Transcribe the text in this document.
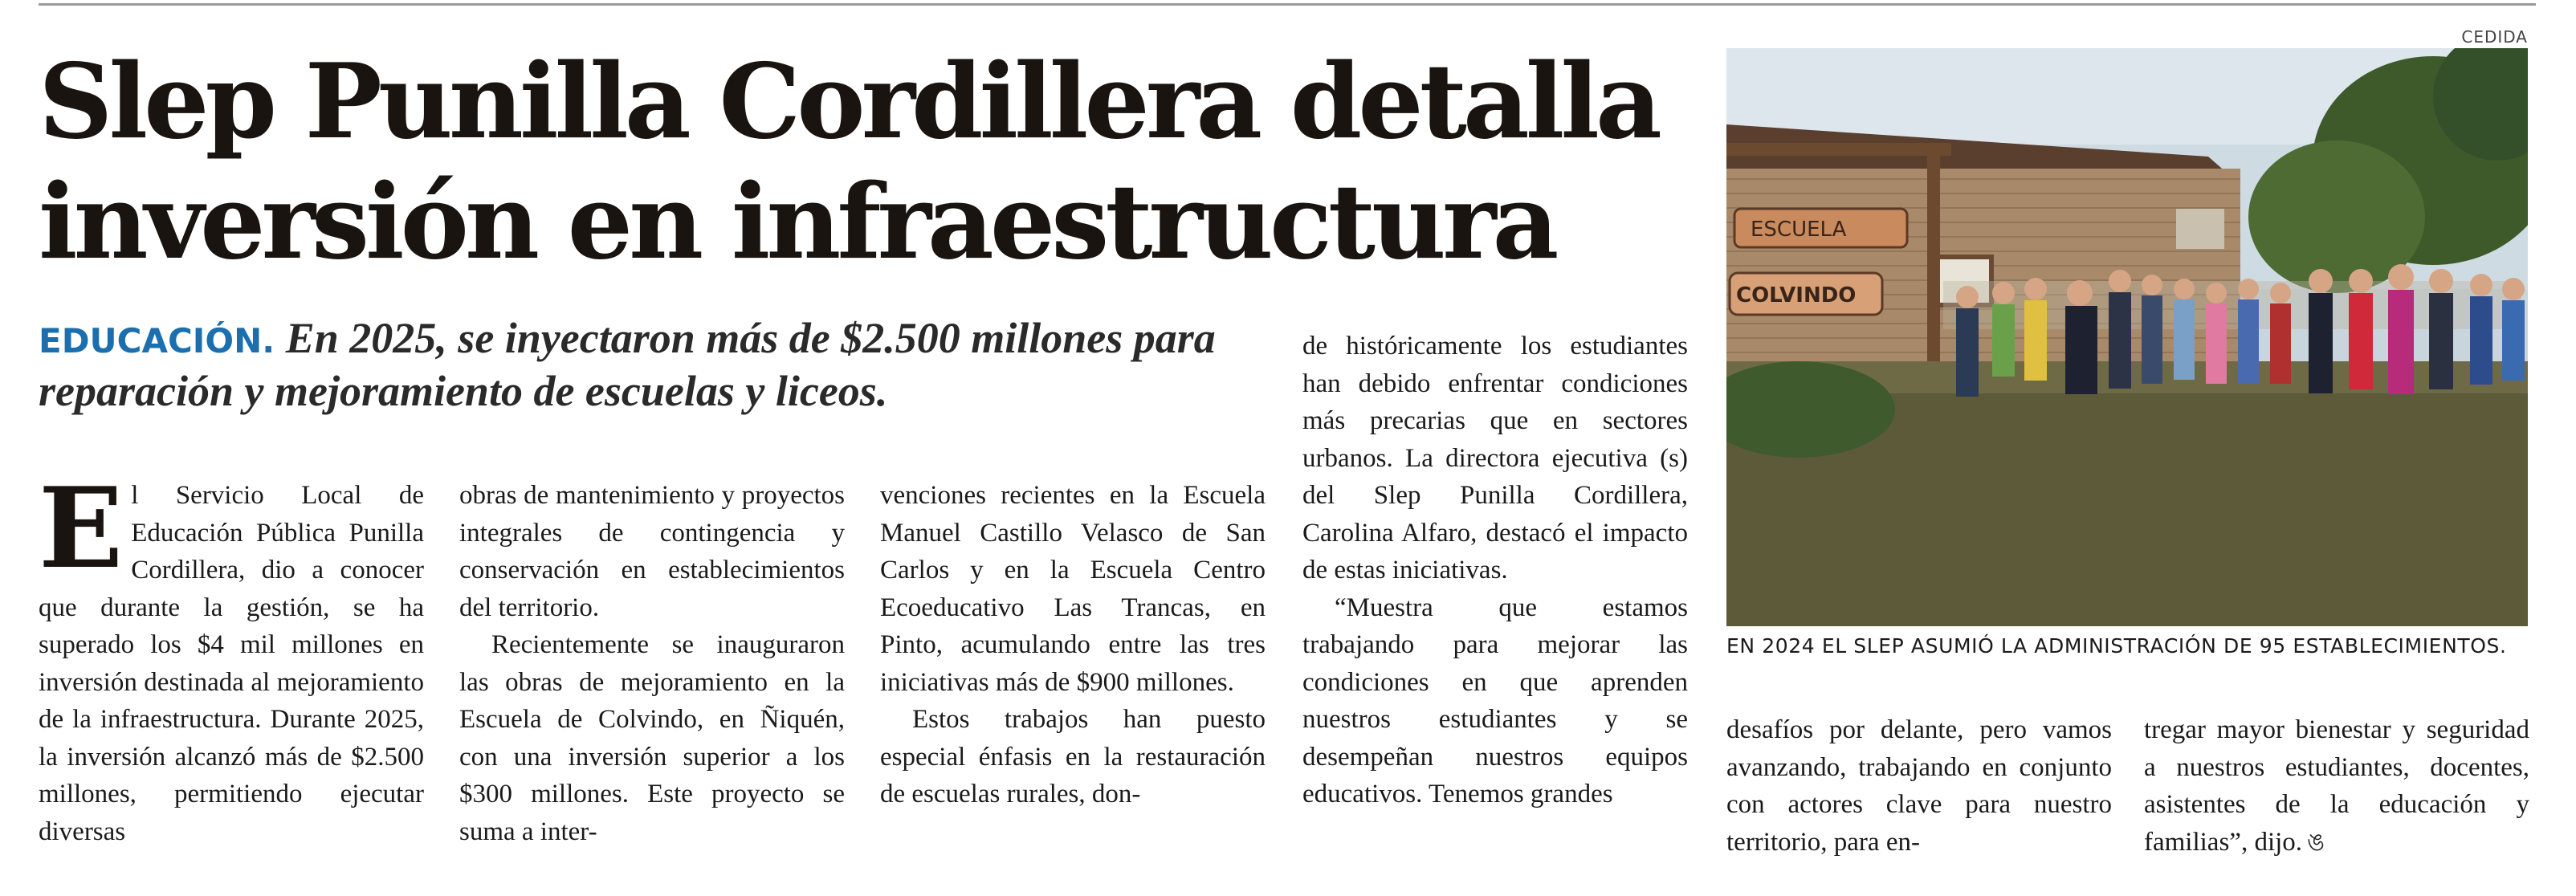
Slep Punilla Cordillera detalla inversión en infraestructura

EDUCACIÓN. En 2025, se inyectaron más de $2.500 millones para reparación y mejoramiento de escuelas y liceos.

El Servicio Local de Educación Pública Punilla Cordillera, dio a conocer que durante la gestión, se ha superado los $4 mil millones en inversión destinada al mejoramiento de la infraestructura. Durante 2025, la inversión alcanzó más de $2.500 millones, permitiendo ejecutar diversas

obras de mantenimiento y proyectos integrales de contingencia y conservación en establecimientos del territorio.

Recientemente se inauguraron las obras de mejoramiento en la Escuela de Colvindo, en Ñiquén, con una inversión superior a los $300 millones. Este proyecto se suma a inter-

venciones recientes en la Escuela Manuel Castillo Velasco de San Carlos y en la Escuela Centro Ecoeducativo Las Trancas, en Pinto, acumulando entre las tres iniciativas más de $900 millones.

Estos trabajos han puesto especial énfasis en la restauración de escuelas rurales, don-

de históricamente los estudiantes han debido enfrentar condiciones más precarias que en sectores urbanos. La directora ejecutiva (s) del Slep Punilla Cordillera, Carolina Alfaro, destacó el impacto de estas iniciativas.

“Muestra que estamos trabajando para mejorar las condiciones en que aprenden nuestros estudiantes y se desempeñan nuestros equipos educativos. Tenemos grandes

desafíos por delante, pero vamos avanzando, trabajando en conjunto con actores clave para nuestro territorio, para en-

tregar mayor bienestar y seguridad a nuestros estudiantes, docentes, asistentes de la educación y familias”, dijo. ঙ

CEDIDA
ESCUELA
COLVINDO
EN 2024 EL SLEP ASUMIÓ LA ADMINISTRACIÓN DE 95 ESTABLECIMIENTOS.
